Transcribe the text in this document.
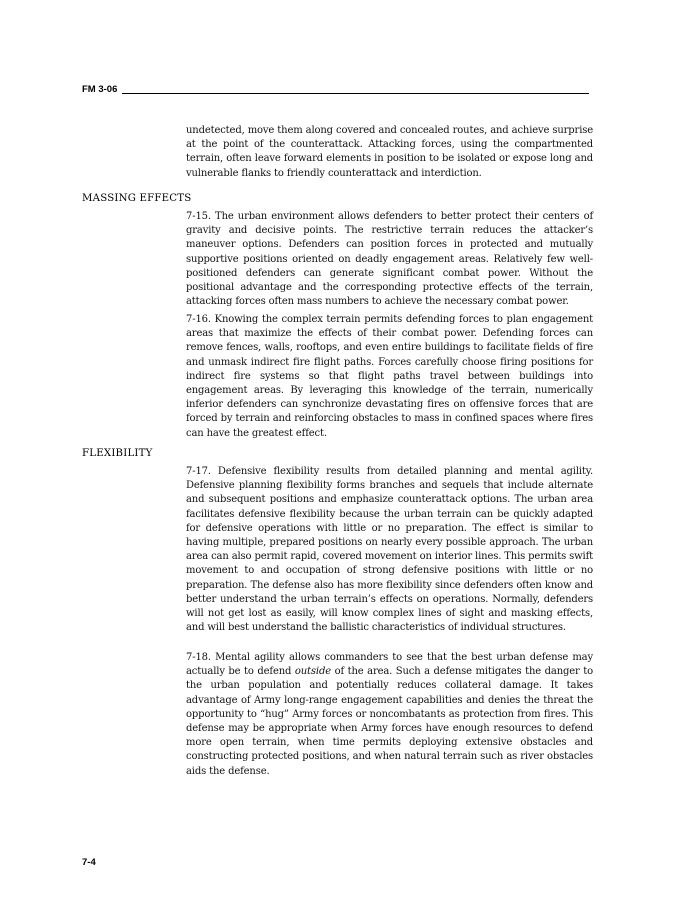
FM 3-06

undetected, move them along covered and concealed routes, and achieve surprise at the point of the counterattack. Attacking forces, using the compartmented terrain, often leave forward elements in position to be isolated or expose long and vulnerable flanks to friendly counterattack and interdiction.

MASSING EFFECTS

7-15. The urban environment allows defenders to better protect their centers of gravity and decisive points. The restrictive terrain reduces the attacker’s maneuver options. Defenders can position forces in protected and mutually supportive positions oriented on deadly engagement areas. Relatively few well-positioned defenders can generate significant combat power. Without the positional advantage and the corresponding protective effects of the terrain, attacking forces often mass numbers to achieve the necessary combat power.

7-16. Knowing the complex terrain permits defending forces to plan engagement areas that maximize the effects of their combat power. Defending forces can remove fences, walls, rooftops, and even entire buildings to facilitate fields of fire and unmask indirect fire flight paths. Forces carefully choose firing positions for indirect fire systems so that flight paths travel between buildings into engagement areas. By leveraging this knowledge of the terrain, numerically inferior defenders can synchronize devastating fires on offensive forces that are forced by terrain and reinforcing obstacles to mass in confined spaces where fires can have the greatest effect.

FLEXIBILITY

7-17. Defensive flexibility results from detailed planning and mental agility. Defensive planning flexibility forms branches and sequels that include alternate and subsequent positions and emphasize counterattack options. The urban area facilitates defensive flexibility because the urban terrain can be quickly adapted for defensive operations with little or no preparation. The effect is similar to having multiple, prepared positions on nearly every possible approach. The urban area can also permit rapid, covered movement on interior lines. This permits swift movement to and occupation of strong defensive positions with little or no preparation. The defense also has more flexibility since defenders often know and better understand the urban terrain’s effects on operations. Normally, defenders will not get lost as easily, will know complex lines of sight and masking effects, and will best understand the ballistic characteristics of individual structures.

7-18. Mental agility allows commanders to see that the best urban defense may actually be to defend outside of the area. Such a defense mitigates the danger to the urban population and potentially reduces collateral damage. It takes advantage of Army long-range engagement capabilities and denies the threat the opportunity to “hug” Army forces or noncombatants as protection from fires. This defense may be appropriate when Army forces have enough resources to defend more open terrain, when time permits deploying extensive obstacles and constructing protected positions, and when natural terrain such as river obstacles aids the defense.

7-4
